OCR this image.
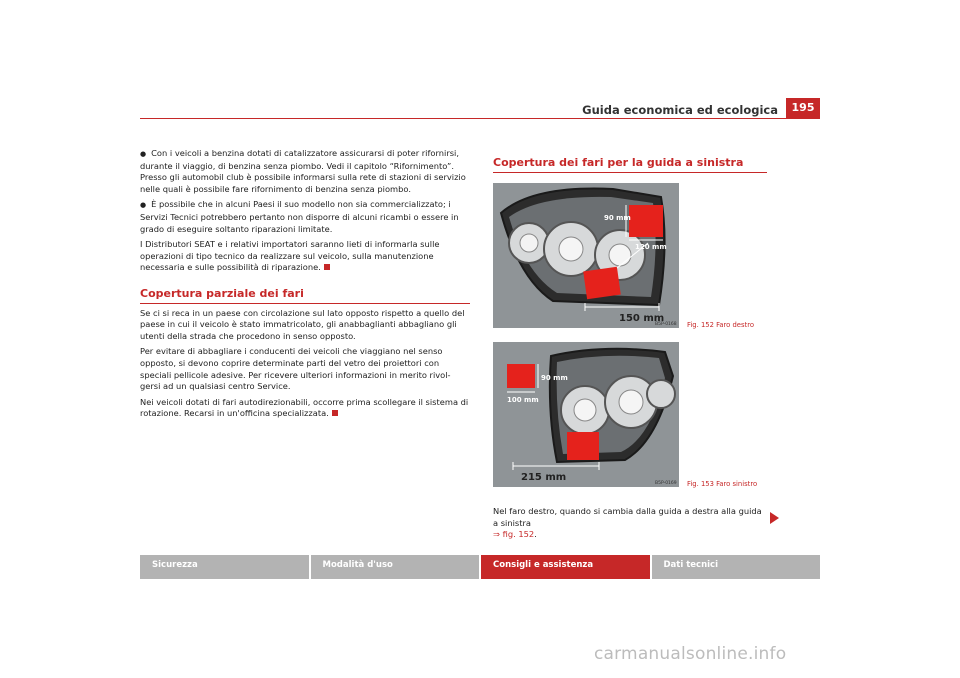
Guida economica ed ecologica	195

● Con i veicoli a benzina dotati di catalizzatore assicurarsi di poter rifornirsi, durante il viaggio, di benzina senza piombo. Vedi il capitolo “Rifornimento”. Presso gli automobil club è possibile informarsi sulla rete di stazioni di servizio nelle quali è possibile fare rifornimento di benzina senza piombo.

● È possibile che in alcuni Paesi il suo modello non sia commercializzato; i Servizi Tecnici potrebbero pertanto non disporre di alcuni ricambi o essere in grado di eseguire soltanto riparazioni limitate.

I Distributori SEAT e i relativi importatori saranno lieti di informarla sulle operazioni di tipo tecnico da realizzare sul veicolo, sulla manutenzione necessaria e sulle possibilità di riparazione.

Copertura parziale dei fari

Se ci si reca in un paese con circolazione sul lato opposto rispetto a quello del paese in cui il veicolo è stato immatricolato, gli anabbaglianti abbagliano gli utenti della strada che procedono in senso opposto.

Per evitare di abbagliare i conducenti dei veicoli che viaggiano nel senso opposto, si devono coprire determinate parti del vetro dei proiettori con speciali pellicole adesive. Per ricevere ulteriori informazioni in merito rivol-gersi ad un qualsiasi centro Service.

Nei veicoli dotati di fari autodirezionabili, occorre prima scollegare il sistema di rotazione. Recarsi in un'officina specializzata.

Copertura dei fari per la guida a sinistra
90 mm
120 mm
150 mm
B5P-0168 Fig. 152 Faro destro
90 mm
100 mm
215 mm
B5P-0169 Fig. 153 Faro sinistro
Nel faro destro, quando si cambia dalla guida a destra alla guida a sinistra
⇒ fig. 152.
Sicurezza	Modalità d'uso	Consigli e assistenza	Dati tecnici
carmanualsonline.info
